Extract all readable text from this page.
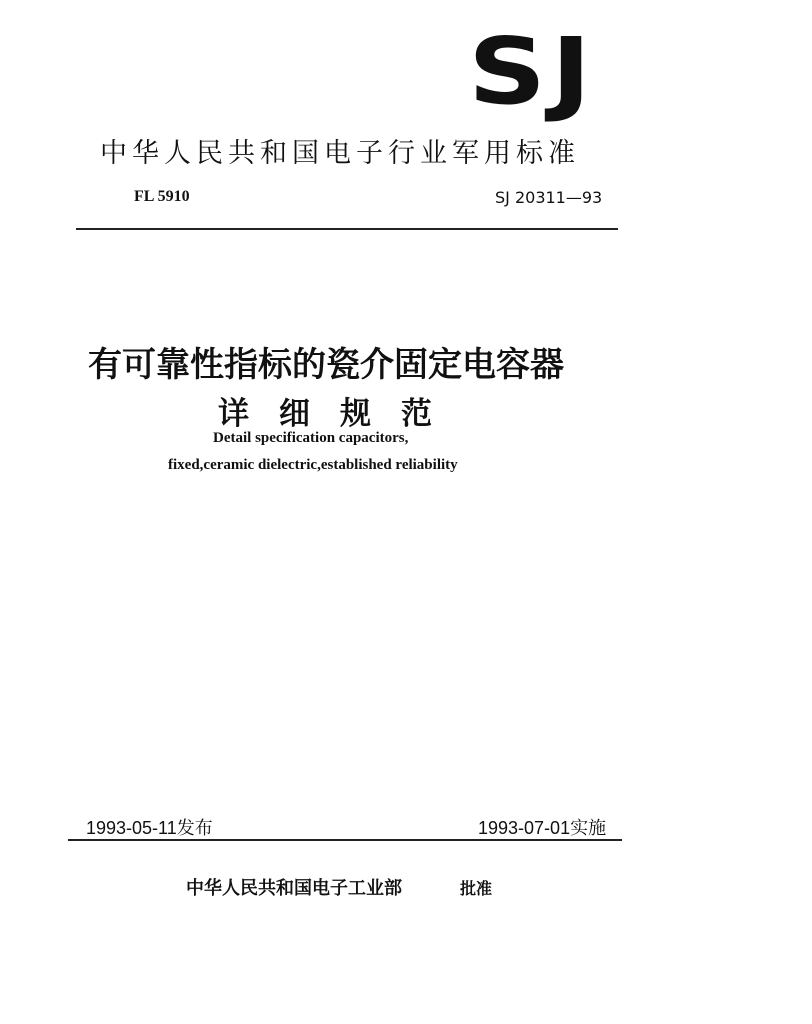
SJ
中华人民共和国电子行业军用标准
FL 5910	SJ 20311—93
有可靠性指标的瓷介固定电容器
详细规范
Detail specification capacitors,
fixed,ceramic dielectric,established reliability
1993-05-11发布	1993-07-01实施
中华人民共和国电子工业部	批准
